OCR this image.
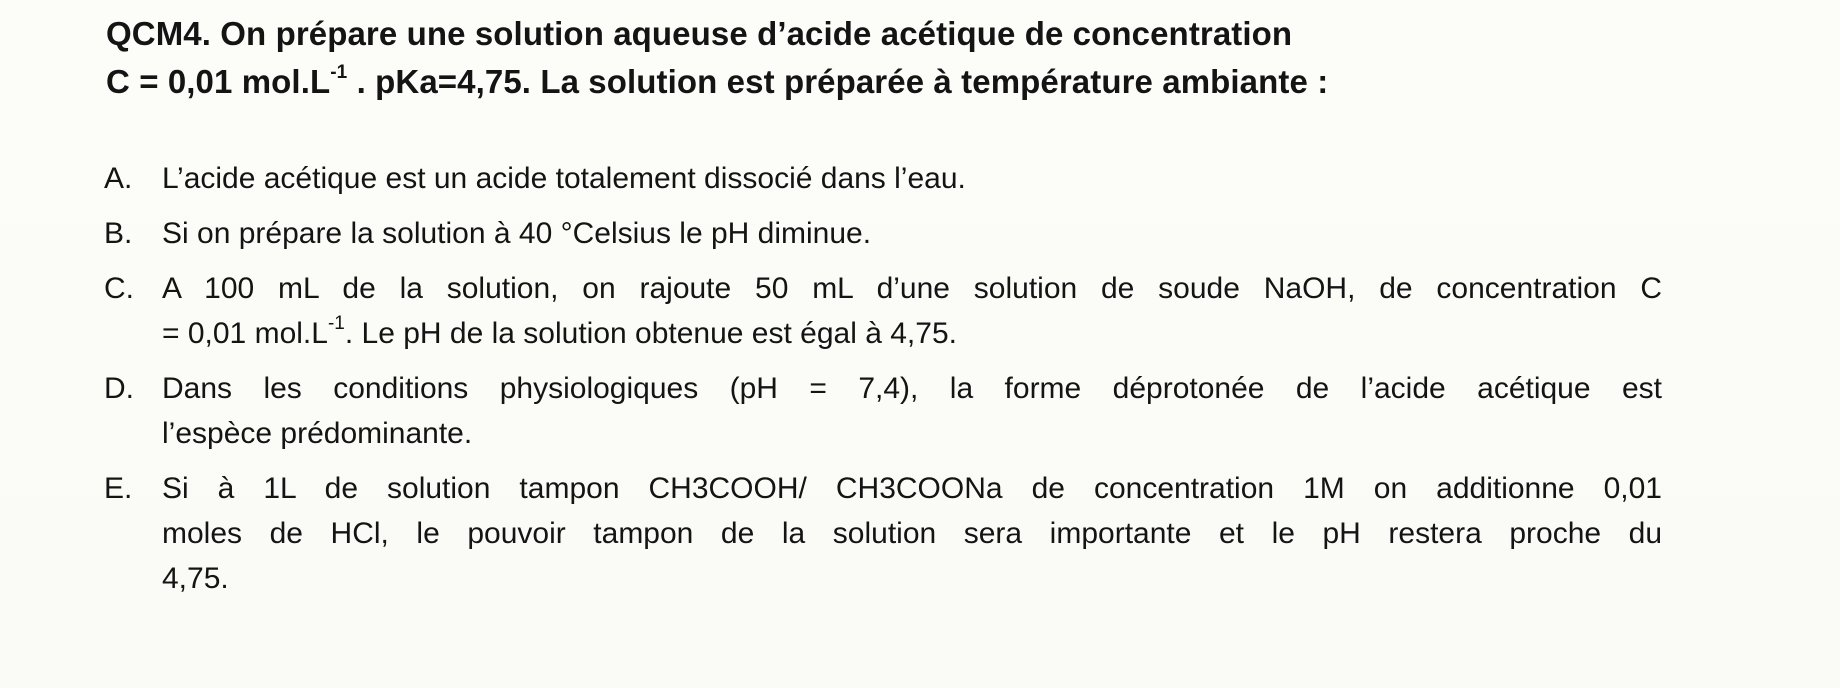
QCM4. On prépare une solution aqueuse d’acide acétique de concentration
C = 0,01 $mol.L^{-1}$ . pKa=4,75. La solution est préparée à température ambiante :
A. L’acide acétique est un acide totalement dissocié dans l’eau.
B. Si on prépare la solution à 40 °Celsius le pH diminue.
C. A 100 mL de la solution, on rajoute 50 mL d’une solution de soude NaOH, de concentration C
= 0,01 $mol.L^{-1}$. Le pH de la solution obtenue est égal à 4,75.
D. Dans les conditions physiologiques (pH = 7,4), la forme déprotonée de l’acide acétique est
l’espèce prédominante.
E. Si à 1L de solution tampon CH3COOH/ CH3COONa de concentration 1M on additionne 0,01
moles de HCl, le pouvoir tampon de la solution sera importante et le pH restera proche du
4,75.
